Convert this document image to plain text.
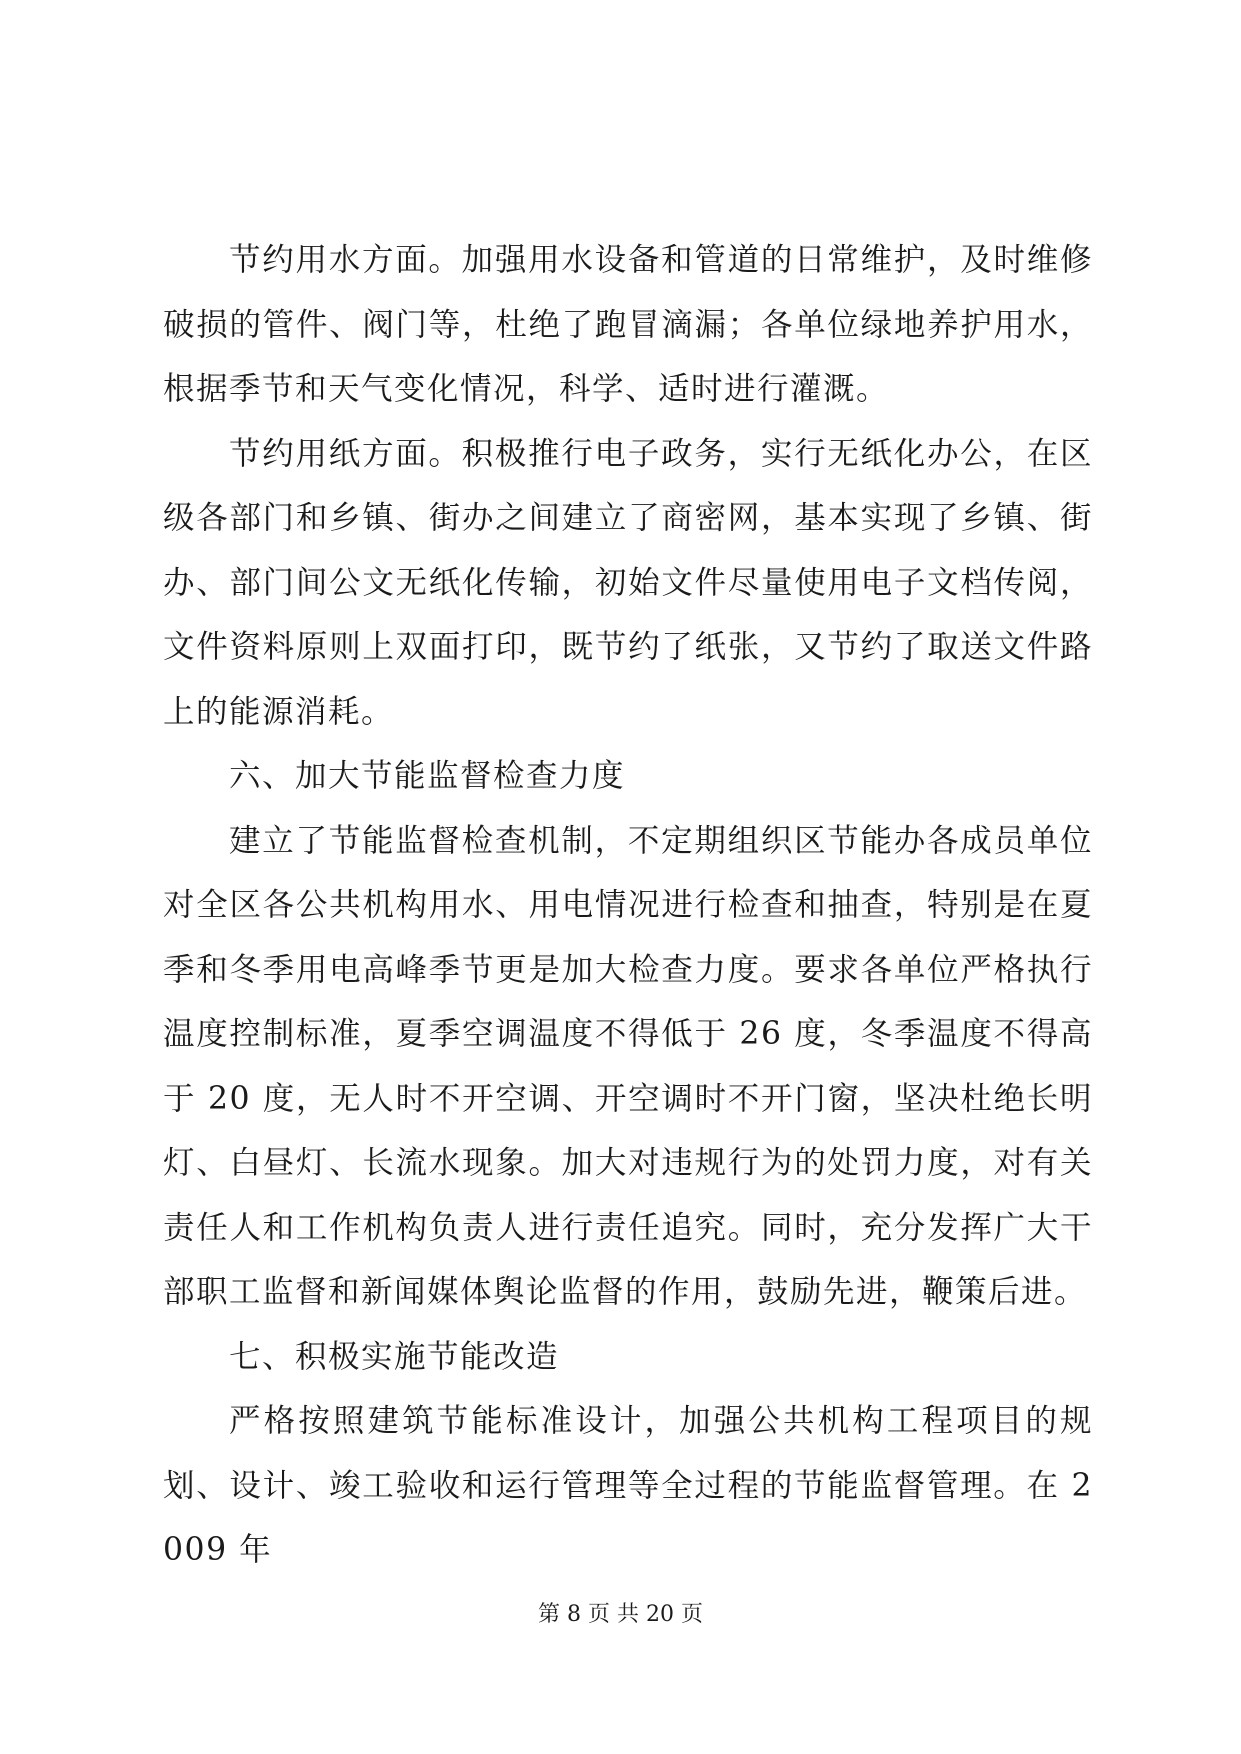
节约用水方面。加强用水设备和管道的日常维护，及时维修破损的管件、阀门等，杜绝了跑冒滴漏；各单位绿地养护用水，根据季节和天气变化情况，科学、适时进行灌溉。

节约用纸方面。积极推行电子政务，实行无纸化办公，在区级各部门和乡镇、街办之间建立了商密网，基本实现了乡镇、街办、部门间公文无纸化传输，初始文件尽量使用电子文档传阅，文件资料原则上双面打印，既节约了纸张，又节约了取送文件路上的能源消耗。

六、加大节能监督检查力度

建立了节能监督检查机制，不定期组织区节能办各成员单位对全区各公共机构用水、用电情况进行检查和抽查，特别是在夏季和冬季用电高峰季节更是加大检查力度。要求各单位严格执行温度控制标准，夏季空调温度不得低于 26 度，冬季温度不得高于 20 度，无人时不开空调、开空调时不开门窗，坚决杜绝长明灯、白昼灯、长流水现象。加大对违规行为的处罚力度，对有关责任人和工作机构负责人进行责任追究。同时，充分发挥广大干部职工监督和新闻媒体舆论监督的作用，鼓励先进，鞭策后进。

七、积极实施节能改造

严格按照建筑节能标准设计，加强公共机构工程项目的规划、设计、竣工验收和运行管理等全过程的节能监督管理。在 2009 年

第 8 页 共 20 页
